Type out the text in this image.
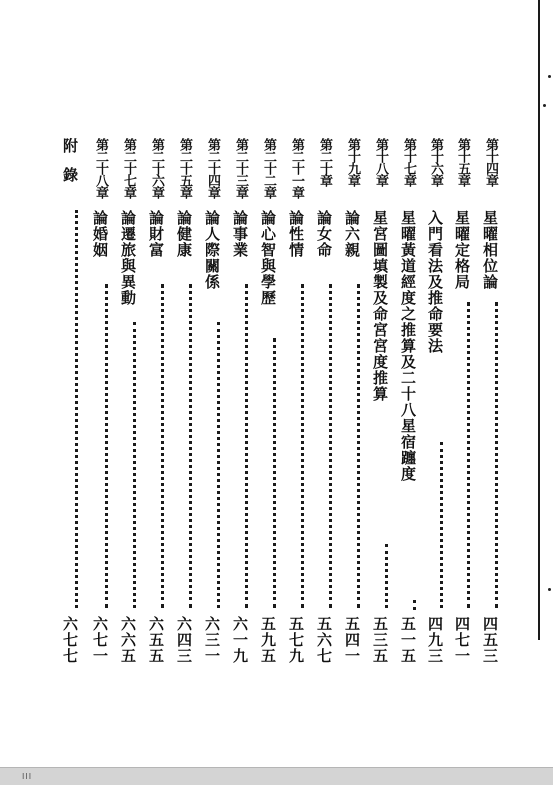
第十四章
星曜相位論
四五三
第十五章
星曜定格局
四七一
第十六章
入門看法及推命要法
四九三
第十七章
星曜黃道經度之推算及二十八星宿躔度
五一五
第十八章
星宮圖填製及命宮宮度推算
五三五
第十九章
論六親
五四一
第二十章
論女命
五六七
第二十一章
論性情
五七九
第二十二章
論心智與學歷
五九五
第二十三章
論事業
六一九
第二十四章
論人際關係
六三一
第二十五章
論健康
六四三
第二十六章
論財富
六五五
第二十七章
論遷旅與異動
六六五
第二十八章
論婚姻
六七一
附錄
六七七
III
